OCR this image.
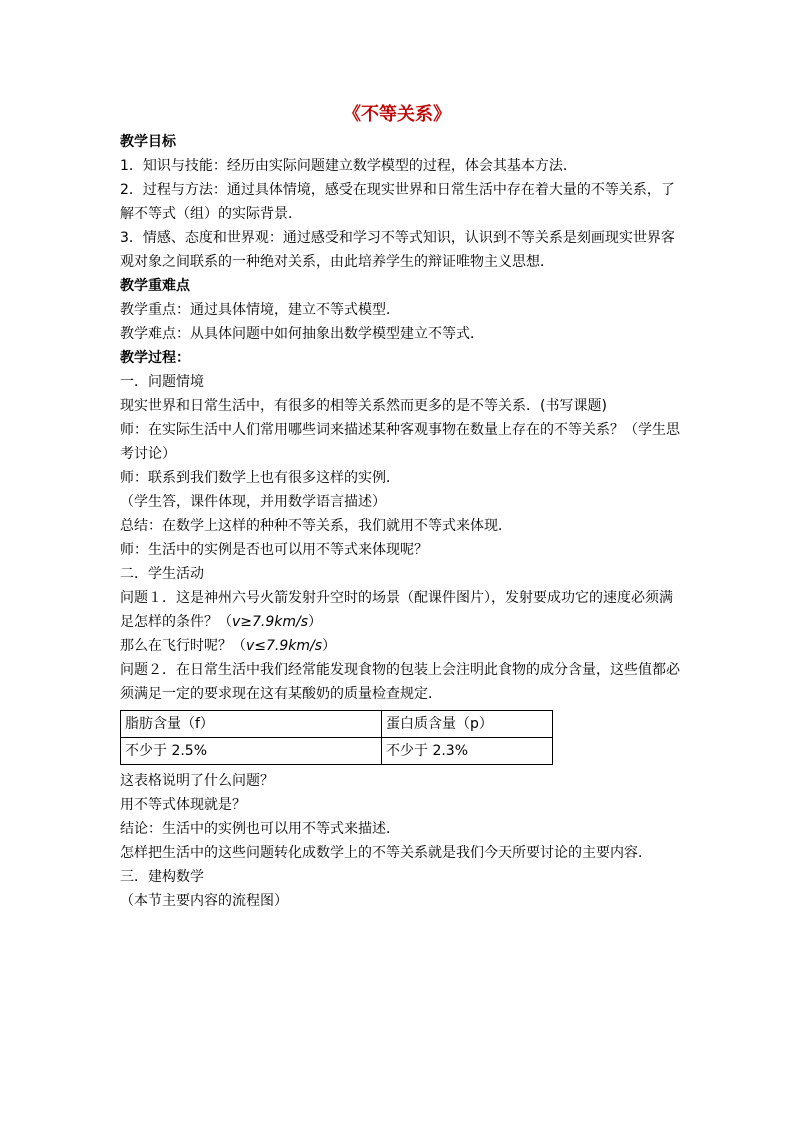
《不等关系》

教学目标

1．知识与技能：经历由实际问题建立数学模型的过程，体会其基本方法．

2．过程与方法：通过具体情境，感受在现实世界和日常生活中存在着大量的不等关系，了

解不等式（组）的实际背景．

3．情感、态度和世界观：通过感受和学习不等式知识，认识到不等关系是刻画现实世界客

观对象之间联系的一种绝对关系，由此培养学生的辩证唯物主义思想．

教学重难点

教学重点：通过具体情境，建立不等式模型．

教学难点：从具体问题中如何抽象出数学模型建立不等式．

教学过程：

一．问题情境

现实世界和日常生活中，有很多的相等关系然而更多的是不等关系．(书写课题)

师：在实际生活中人们常用哪些词来描述某种客观事物在数量上存在的不等关系？（学生思

考讨论）

师：联系到我们数学上也有很多这样的实例．

（学生答，课件体现，并用数学语言描述）

总结：在数学上这样的种种不等关系，我们就用不等式来体现．

师：生活中的实例是否也可以用不等式来体现呢？

二．学生活动

问题１．这是神州六号火箭发射升空时的场景（配课件图片），发射要成功它的速度必须满

足怎样的条件？（v≥7.9km/s）

那么在飞行时呢？（v≤7.9km/s）

问题２．在日常生活中我们经常能发现食物的包装上会注明此食物的成分含量，这些值都必

须满足一定的要求现在这有某酸奶的质量检查规定．

脂肪含量（f）	蛋白质含量（p）
不少于 2.5%	不少于 2.3%

这表格说明了什么问题？

用不等式体现就是？

结论：生活中的实例也可以用不等式来描述．

怎样把生活中的这些问题转化成数学上的不等关系就是我们今天所要讨论的主要内容．

三．建构数学

（本节主要内容的流程图）
